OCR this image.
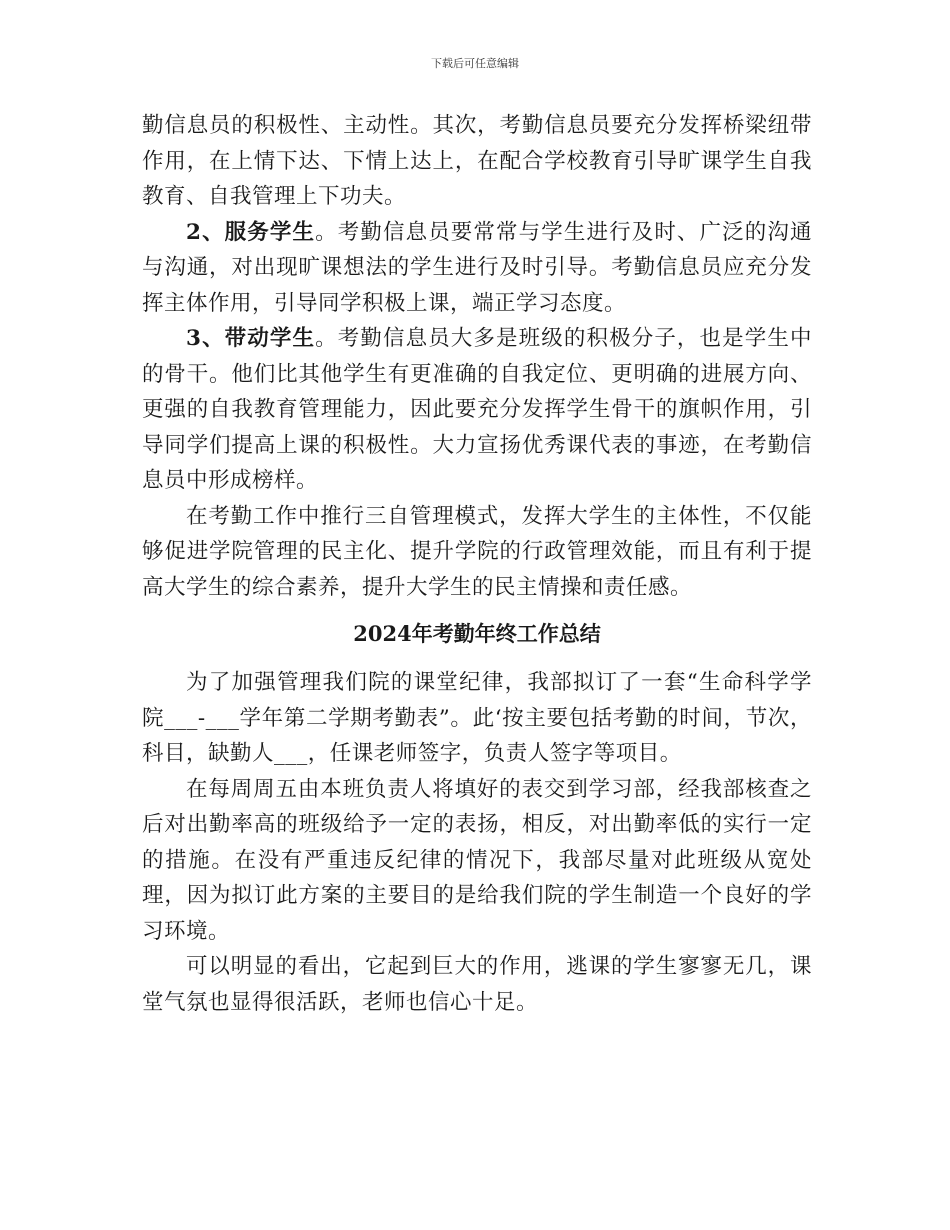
下载后可任意编辑

勤信息员的积极性、主动性。其次，考勤信息员要充分发挥桥梁纽带作用，在上情下达、下情上达上，在配合学校教育引导旷课学生自我教育、自我管理上下功夫。

2、服务学生。考勤信息员要常常与学生进行及时、广泛的沟通与沟通，对出现旷课想法的学生进行及时引导。考勤信息员应充分发挥主体作用，引导同学积极上课，端正学习态度。

3、带动学生。考勤信息员大多是班级的积极分子，也是学生中的骨干。他们比其他学生有更准确的自我定位、更明确的进展方向、更强的自我教育管理能力，因此要充分发挥学生骨干的旗帜作用，引导同学们提高上课的积极性。大力宣扬优秀课代表的事迹，在考勤信息员中形成榜样。

在考勤工作中推行三自管理模式，发挥大学生的主体性，不仅能够促进学院管理的民主化、提升学院的行政管理效能，而且有利于提高大学生的综合素养，提升大学生的民主情操和责任感。

2024年考勤年终工作总结

为了加强管理我们院的课堂纪律，我部拟订了一套“生命科学学院___-___学年第二学期考勤表”。此‘按主要包括考勤的时间，节次，科目，缺勤人___，任课老师签字，负责人签字等项目。

在每周周五由本班负责人将填好的表交到学习部，经我部核查之后对出勤率高的班级给予一定的表扬，相反，对出勤率低的实行一定的措施。在没有严重违反纪律的情况下，我部尽量对此班级从宽处理，因为拟订此方案的主要目的是给我们院的学生制造一个良好的学习环境。

可以明显的看出，它起到巨大的作用，逃课的学生寥寥无几，课堂气氛也显得很活跃，老师也信心十足。
